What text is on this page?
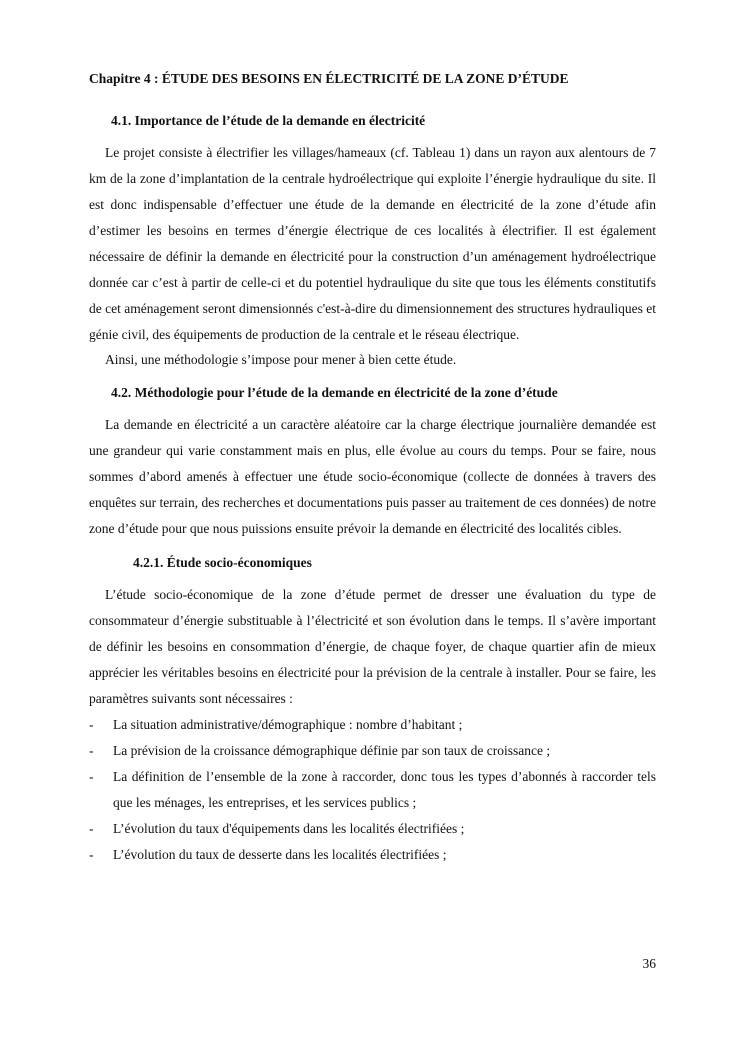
Chapitre 4 : ÉTUDE DES BESOINS EN ÉLECTRICITÉ DE LA ZONE D’ÉTUDE
4.1. Importance de l’étude de la demande en électricité

Le projet consiste à électrifier les villages/hameaux (cf. Tableau 1) dans un rayon aux alentours de 7 km de la zone d’implantation de la centrale hydroélectrique qui exploite l’énergie hydraulique du site. Il est donc indispensable d’effectuer une étude de la demande en électricité de la zone d’étude afin d’estimer les besoins en termes d’énergie électrique de ces localités à électrifier. Il est également nécessaire de définir la demande en électricité pour la construction d’un aménagement hydroélectrique donnée car c’est à partir de celle-ci et du potentiel hydraulique du site que tous les éléments constitutifs de cet aménagement seront dimensionnés c'est-à-dire du dimensionnement des structures hydrauliques et génie civil, des équipements de production de la centrale et le réseau électrique.

Ainsi, une méthodologie s’impose pour mener à bien cette étude.

4.2. Méthodologie pour l’étude de la demande en électricité de la zone d’étude

La demande en électricité a un caractère aléatoire car la charge électrique journalière demandée est une grandeur qui varie constamment mais en plus, elle évolue au cours du temps. Pour se faire, nous sommes d’abord amenés à effectuer une étude socio-économique (collecte de données à travers des enquêtes sur terrain, des recherches et documentations puis passer au traitement de ces données) de notre zone d’étude pour que nous puissions ensuite prévoir la demande en électricité des localités cibles.

4.2.1. Étude socio-économiques

L’étude socio-économique de la zone d’étude permet de dresser une évaluation du type de consommateur d’énergie substituable à l’électricité et son évolution dans le temps. Il s’avère important de définir les besoins en consommation d’énergie, de chaque foyer, de chaque quartier afin de mieux apprécier les véritables besoins en électricité pour la prévision de la centrale à installer. Pour se faire, les paramètres suivants sont nécessaires :

- La situation administrative/démographique : nombre d’habitant ;
- La prévision de la croissance démographique définie par son taux de croissance ;
- La définition de l’ensemble de la zone à raccorder, donc tous les types d’abonnés à raccorder tels que les ménages, les entreprises, et les services publics ;
- L’évolution du taux d'équipements dans les localités électrifiées ;
- L’évolution du taux de desserte dans les localités électrifiées ;
36
